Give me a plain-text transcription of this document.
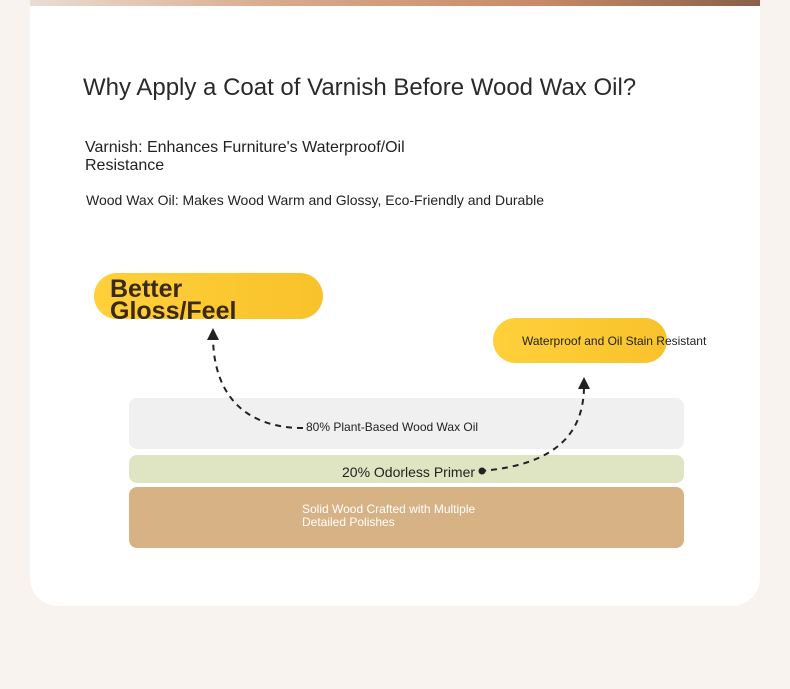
Why Apply a Coat of Varnish Before Wood Wax Oil?
Varnish: Enhances Furniture's Waterproof/Oil Resistance
Wood Wax Oil: Makes Wood Warm and Glossy, Eco-Friendly and Durable
Better Gloss/Feel
Waterproof and Oil Stain Resistant
80% Plant-Based Wood Wax Oil
20% Odorless Primer
Solid Wood Crafted with Multiple Detailed Polishes
